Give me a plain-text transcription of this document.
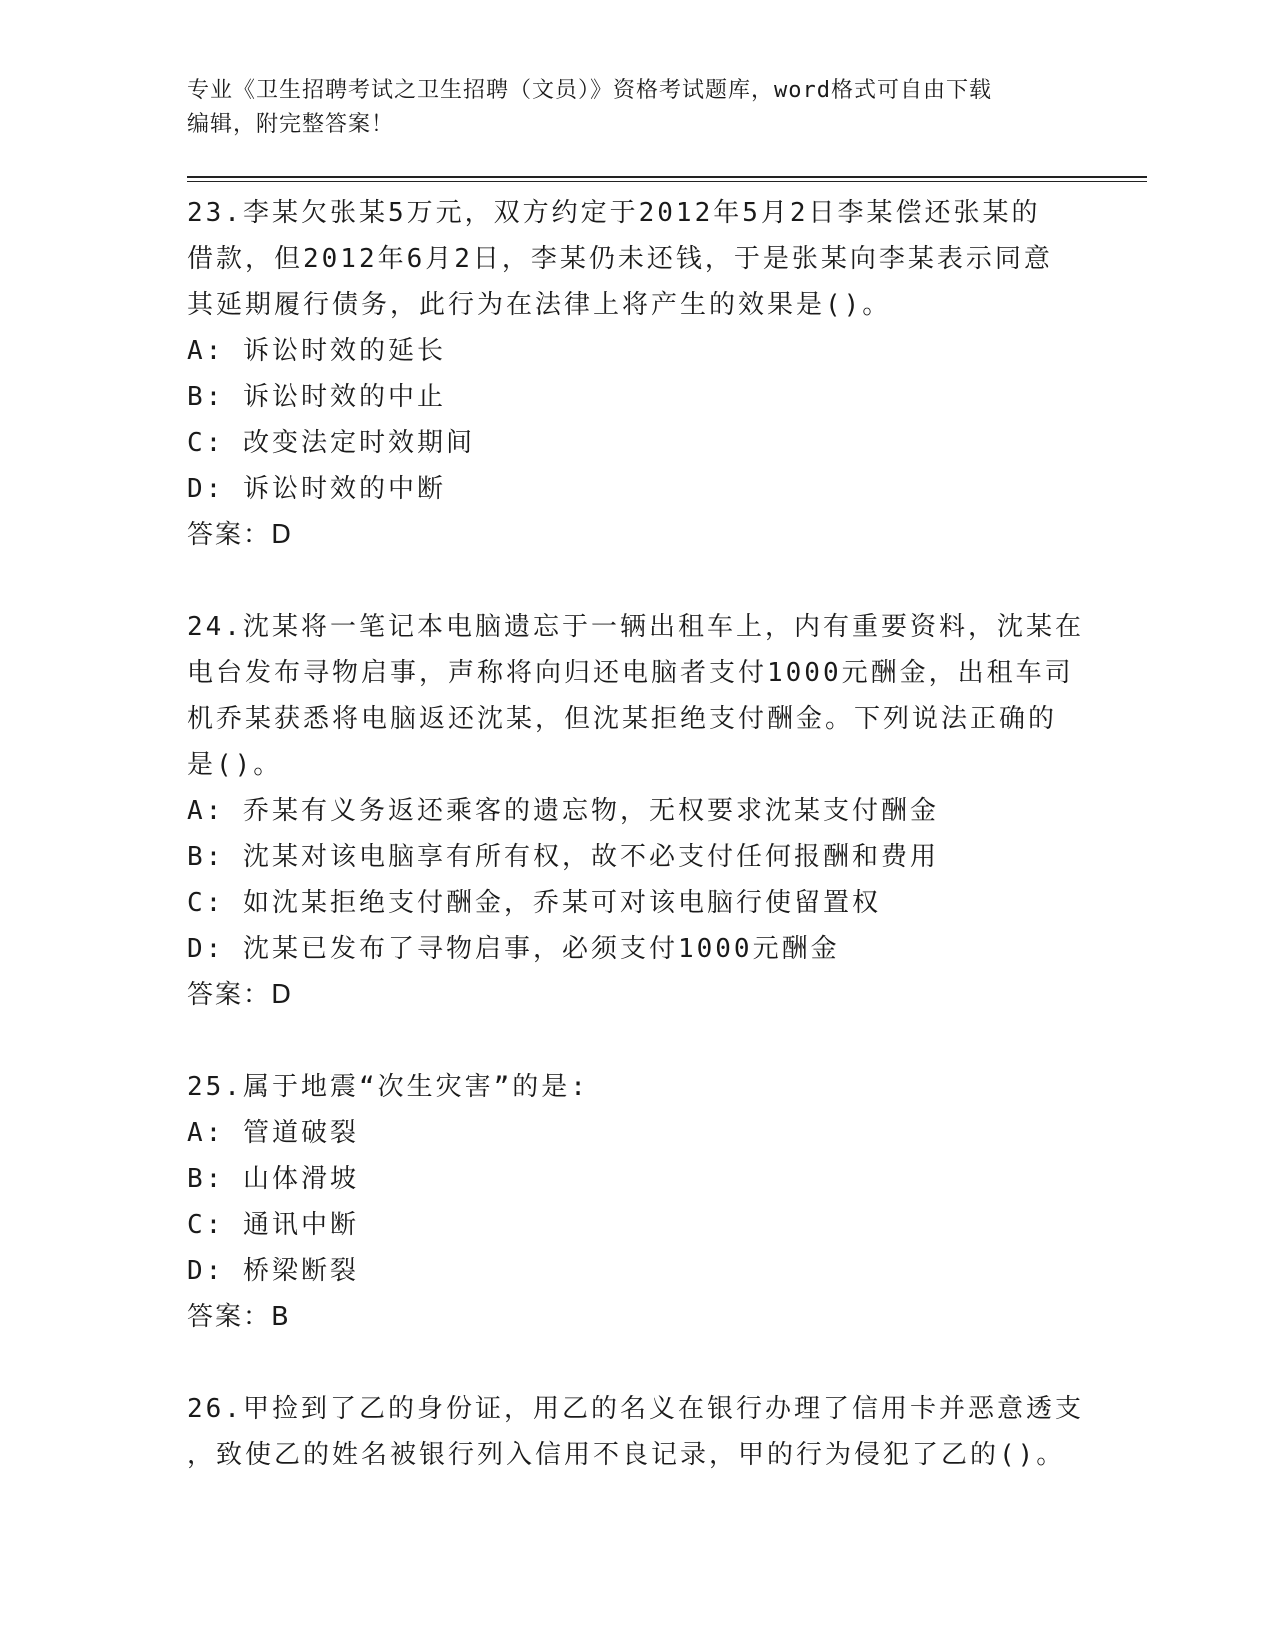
专业《卫生招聘考试之卫生招聘（文员）》资格考试题库，word格式可自由下载
编辑，附完整答案！

23.李某欠张某5万元，双方约定于2012年5月2日李某偿还张某的

借款，但2012年6月2日，李某仍未还钱，于是张某向李某表示同意

其延期履行债务，此行为在法律上将产生的效果是()。

A: 诉讼时效的延长

B: 诉讼时效的中止

C: 改变法定时效期间

D: 诉讼时效的中断

答案：D

24.沈某将一笔记本电脑遗忘于一辆出租车上，内有重要资料，沈某在

电台发布寻物启事，声称将向归还电脑者支付1000元酬金，出租车司

机乔某获悉将电脑返还沈某，但沈某拒绝支付酬金。下列说法正确的

是()。

A: 乔某有义务返还乘客的遗忘物，无权要求沈某支付酬金

B: 沈某对该电脑享有所有权，故不必支付任何报酬和费用

C: 如沈某拒绝支付酬金，乔某可对该电脑行使留置权

D: 沈某已发布了寻物启事，必须支付1000元酬金

答案：D

25.属于地震“次生灾害”的是:

A: 管道破裂

B: 山体滑坡

C: 通讯中断

D: 桥梁断裂

答案：B

26.甲捡到了乙的身份证，用乙的名义在银行办理了信用卡并恶意透支

，致使乙的姓名被银行列入信用不良记录，甲的行为侵犯了乙的()。
